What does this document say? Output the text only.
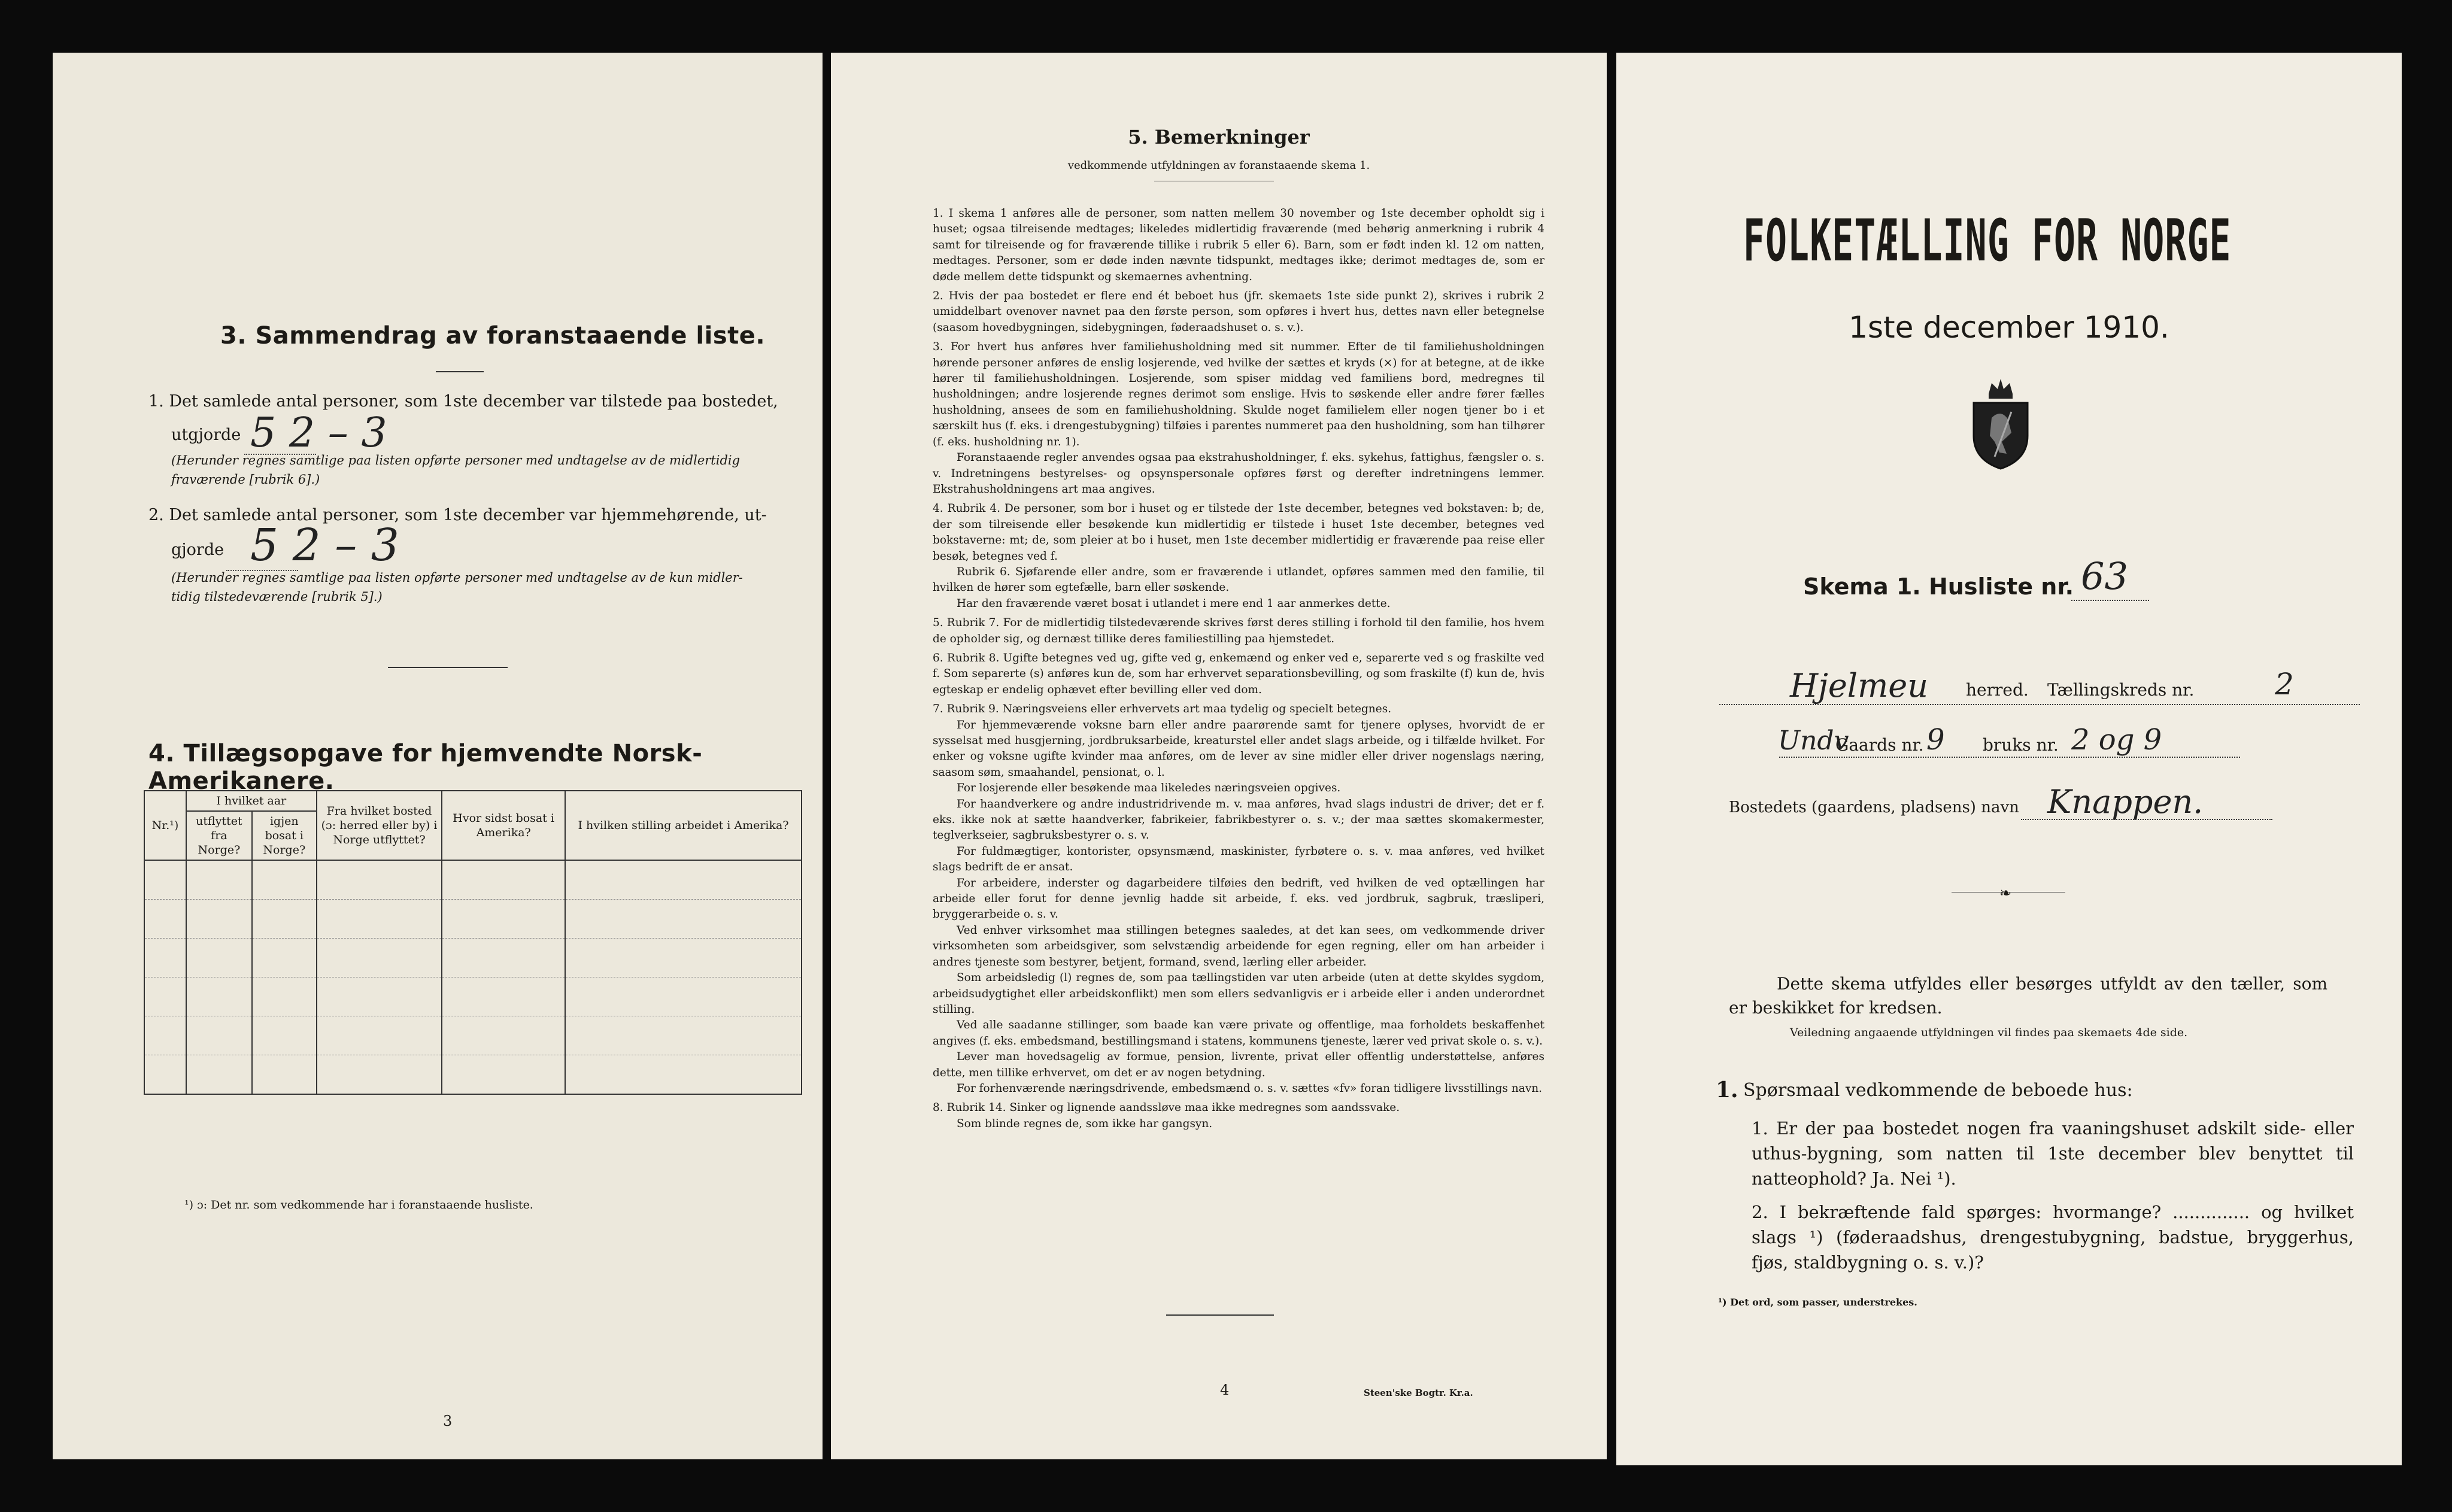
3. Sammendrag av foranstaaende liste.
1. Det samlede antal personer, som 1ste december var tilstede paa bostedet,
utgjorde 5 2 – 3
(Herunder regnes samtlige paa listen opførte personer med undtagelse av de midlertidig
fraværende [rubrik 6].)
2. Det samlede antal personer, som 1ste december var hjemmehørende, ut-
gjorde 5 2 – 3
(Herunder regnes samtlige paa listen opførte personer med undtagelse av de kun midler-
tidig tilstedeværende [rubrik 5].)
4. Tillægsopgave for hjemvendte Norsk-Amerikanere.
Nr.¹)	I hvilket aar		Fra hvilket bosted (ɔ: herred eller by) i Norge utflyttet?	Hvor sidst bosat i Amerika?	I hvilken stilling arbeidet i Amerika?
	utflyttet fra Norge?	igjen bosat i Norge?			

¹) ɔ: Det nr. som vedkommende har i foranstaaende husliste.
3
5. Bemerkninger
vedkommende utfyldningen av foranstaaende skema 1.

1. I skema 1 anføres alle de personer, som natten mellem 30 november og 1ste december opholdt sig i huset; ogsaa tilreisende medtages; likeledes midlertidig fraværende (med behørig anmerkning i rubrik 4 samt for tilreisende og for fraværende tillike i rubrik 5 eller 6). Barn, som er født inden kl. 12 om natten, medtages. Personer, som er døde inden nævnte tidspunkt, medtages ikke; derimot medtages de, som er døde mellem dette tidspunkt og skemaernes avhentning.

2. Hvis der paa bostedet er flere end ét beboet hus (jfr. skemaets 1ste side punkt 2), skrives i rubrik 2 umiddelbart ovenover navnet paa den første person, som opføres i hvert hus, dettes navn eller betegnelse (saasom hovedbygningen, sidebygningen, føderaadshuset o. s. v.).

3. For hvert hus anføres hver familiehusholdning med sit nummer. Efter de til familiehusholdningen hørende personer anføres de enslig losjerende, ved hvilke der sættes et kryds (×) for at betegne, at de ikke hører til familiehusholdningen. Losjerende, som spiser middag ved familiens bord, medregnes til husholdningen; andre losjerende regnes derimot som enslige. Hvis to søskende eller andre fører fælles husholdning, ansees de som en familiehusholdning. Skulde noget familielem eller nogen tjener bo i et særskilt hus (f. eks. i drengestubygning) tilføies i parentes nummeret paa den husholdning, som han tilhører (f. eks. husholdning nr. 1).

Foranstaaende regler anvendes ogsaa paa ekstrahusholdninger, f. eks. sykehus, fattighus, fængsler o. s. v. Indretningens bestyrelses- og opsynspersonale opføres først og derefter indretningens lemmer. Ekstrahusholdningens art maa angives.

4. Rubrik 4. De personer, som bor i huset og er tilstede der 1ste december, betegnes ved bokstaven: b; de, der som tilreisende eller besøkende kun midlertidig er tilstede i huset 1ste december, betegnes ved bokstaverne: mt; de, som pleier at bo i huset, men 1ste december midlertidig er fraværende paa reise eller besøk, betegnes ved f.

Rubrik 6. Sjøfarende eller andre, som er fraværende i utlandet, opføres sammen med den familie, til hvilken de hører som egtefælle, barn eller søskende.

Har den fraværende været bosat i utlandet i mere end 1 aar anmerkes dette.

5. Rubrik 7. For de midlertidig tilstedeværende skrives først deres stilling i forhold til den familie, hos hvem de opholder sig, og dernæst tillike deres familiestilling paa hjemstedet.

6. Rubrik 8. Ugifte betegnes ved ug, gifte ved g, enkemænd og enker ved e, separerte ved s og fraskilte ved f. Som separerte (s) anføres kun de, som har erhvervet separationsbevilling, og som fraskilte (f) kun de, hvis egteskap er endelig ophævet efter bevilling eller ved dom.

7. Rubrik 9. Næringsveiens eller erhvervets art maa tydelig og specielt betegnes.

For hjemmeværende voksne barn eller andre paarørende samt for tjenere oplyses, hvorvidt de er sysselsat med husgjerning, jordbruksarbeide, kreaturstel eller andet slags arbeide, og i tilfælde hvilket. For enker og voksne ugifte kvinder maa anføres, om de lever av sine midler eller driver nogenslags næring, saasom søm, smaahandel, pensionat, o. l.

For losjerende eller besøkende maa likeledes næringsveien opgives.

For haandverkere og andre industridrivende m. v. maa anføres, hvad slags industri de driver; det er f. eks. ikke nok at sætte haandverker, fabrikeier, fabrikbestyrer o. s. v.; der maa sættes skomakermester, teglverkseier, sagbruksbestyrer o. s. v.

For fuldmægtiger, kontorister, opsynsmænd, maskinister, fyrbøtere o. s. v. maa anføres, ved hvilket slags bedrift de er ansat.

For arbeidere, inderster og dagarbeidere tilføies den bedrift, ved hvilken de ved optællingen har arbeide eller forut for denne jevnlig hadde sit arbeide, f. eks. ved jordbruk, sagbruk, træsliperi, bryggerarbeide o. s. v.

Ved enhver virksomhet maa stillingen betegnes saaledes, at det kan sees, om vedkommende driver virksomheten som arbeidsgiver, som selvstændig arbeidende for egen regning, eller om han arbeider i andres tjeneste som bestyrer, betjent, formand, svend, lærling eller arbeider.

Som arbeidsledig (l) regnes de, som paa tællingstiden var uten arbeide (uten at dette skyldes sygdom, arbeidsudygtighet eller arbeidskonflikt) men som ellers sedvanligvis er i arbeide eller i anden underordnet stilling.

Ved alle saadanne stillinger, som baade kan være private og offentlige, maa forholdets beskaffenhet angives (f. eks. embedsmand, bestillingsmand i statens, kommunens tjeneste, lærer ved privat skole o. s. v.).

Lever man hovedsagelig av formue, pension, livrente, privat eller offentlig understøttelse, anføres dette, men tillike erhvervet, om det er av nogen betydning.

For forhenværende næringsdrivende, embedsmænd o. s. v. sættes «fv» foran tidligere livsstillings navn.

8. Rubrik 14. Sinker og lignende aandssløve maa ikke medregnes som aandssvake.

Som blinde regnes de, som ikke har gangsyn.

4	Steen'ske Bogtr. Kr.a.
FOLKETÆLLING FOR NORGE
1ste december 1910.
Skema 1. Husliste nr. 63
Hjelmeu herred. Tællingskreds nr.	2
Undv
Gaards nr. 9 bruks nr. 2 og 9
Bostedets (gaardens, pladsens) navn Knappen.
❧
Dette skema utfyldes eller besørges utfyldt av den tæller, som er beskikket for kredsen.
Veiledning angaaende utfyldningen vil findes paa skemaets 4de side.
1. Spørsmaal vedkommende de beboede hus:
1. Er der paa bostedet nogen fra vaaningshuset adskilt side- eller uthus-bygning, som natten til 1ste december blev benyttet til natteophold? Ja. Nei ¹).
2. I bekræftende fald spørges: hvormange? .............. og hvilket slags ¹) (føderaadshus, drengestubygning, badstue, bryggerhus, fjøs, staldbygning o. s. v.)?
¹) Det ord, som passer, understrekes.
